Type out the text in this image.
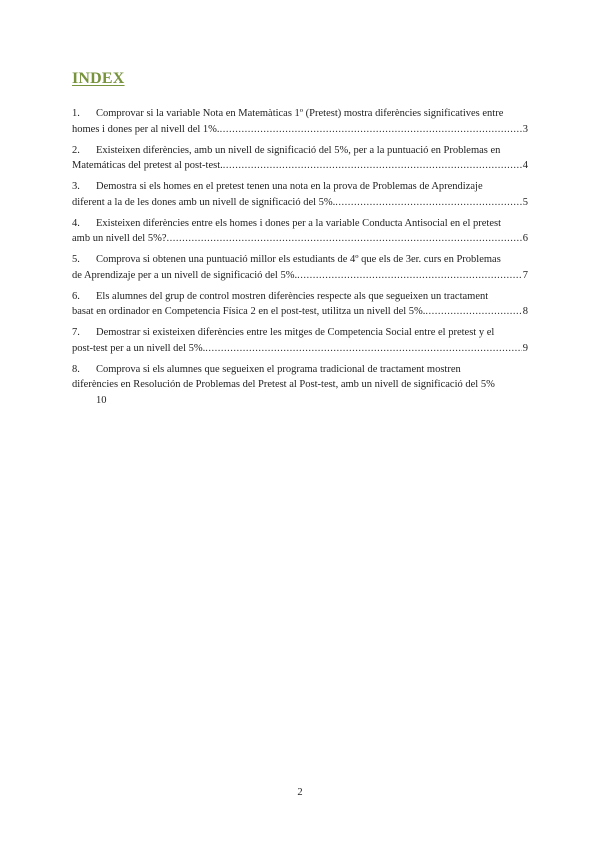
INDEX
1. Comprovar si la variable Nota en Matemàticas 1º (Pretest) mostra diferències significatives entre
homes i dones per al nivell del 1%. .....	3
2. Existeixen diferències, amb un nivell de significació del 5%, per a la puntuació en Problemas en
Matemáticas del pretest al post-test. .....	4
3. Demostra si els homes en el pretest tenen una nota en la prova de Problemas de Aprendizaje
diferent a la de les dones amb un nivell de significació del 5%. .....	5
4. Existeixen diferències entre els homes i dones per a la variable Conducta Antisocial en el pretest
amb un nivell del 5%? .....	6
5. Comprova si obtenen una puntuació millor els estudiants de 4º que els de 3er. curs en Problemas
de Aprendizaje per a un nivell de significació del 5%. .....	7
6. Els alumnes del grup de control mostren diferències respecte als que segueixen un tractament
basat en ordinador en Competencia Física 2 en el post-test, utilitza un nivell del 5%. .....	8
7. Demostrar si existeixen diferències entre les mitges de Competencia Social entre el pretest y el
post-test per a un nivell del 5%. .....	9
8. Comprova si els alumnes que segueixen el programa tradicional de tractament mostren
diferències en Resolución de Problemas del Pretest al Post-test, amb un nivell de significació del 5%
10
2
